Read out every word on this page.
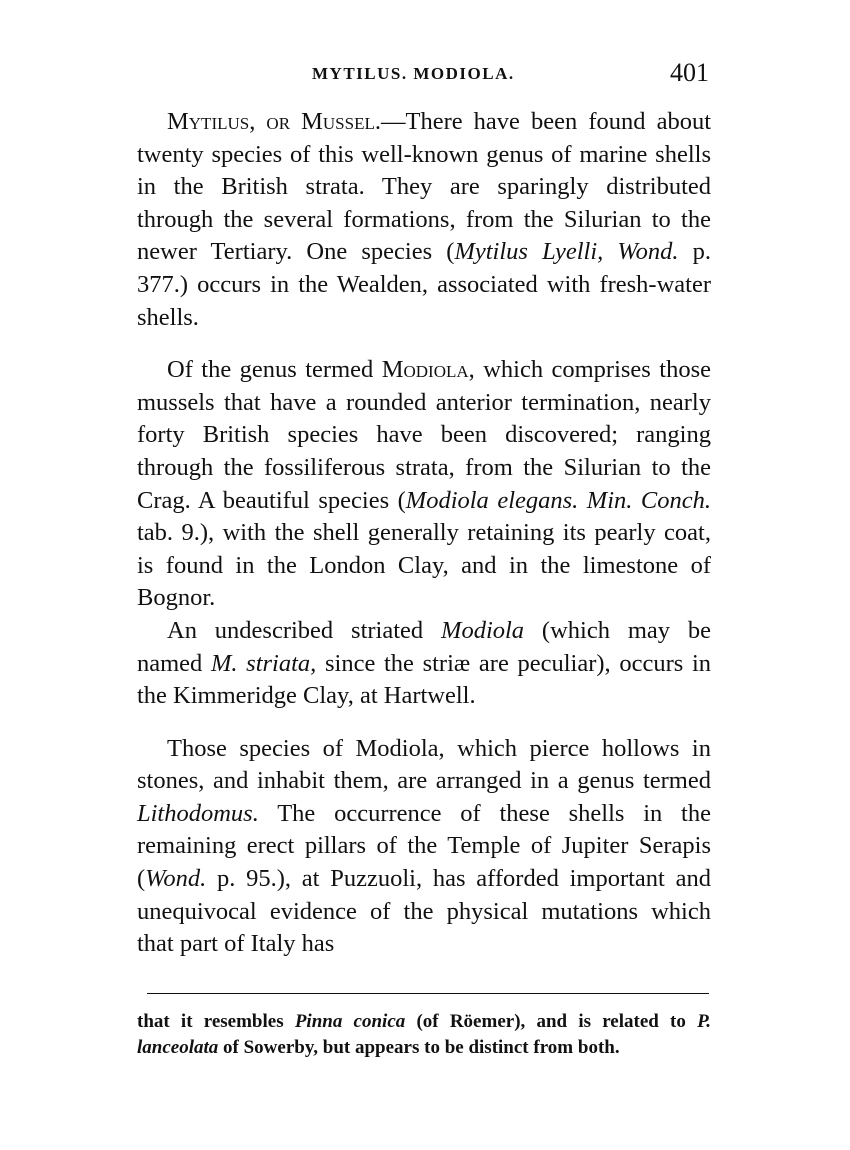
MYTILUS. MODIOLA.	401

Mytilus, or Mussel.—There have been found about twenty species of this well-known genus of marine shells in the British strata. They are sparingly distributed through the several formations, from the Silurian to the newer Tertiary. One species (Mytilus Lyelli, Wond. p. 377.) occurs in the Wealden, associated with fresh-water shells.

Of the genus termed Modiola, which comprises those mussels that have a rounded anterior termination, nearly forty British species have been discovered; ranging through the fossiliferous strata, from the Silurian to the Crag. A beautiful species (Modiola elegans. Min. Conch. tab. 9.), with the shell generally retaining its pearly coat, is found in the London Clay, and in the limestone of Bognor.

An undescribed striated Modiola (which may be named M. striata, since the striæ are peculiar), occurs in the Kimmeridge Clay, at Hartwell.

Those species of Modiola, which pierce hollows in stones, and inhabit them, are arranged in a genus termed Lithodomus. The occurrence of these shells in the remaining erect pillars of the Temple of Jupiter Serapis (Wond. p. 95.), at Puzzuoli, has afforded important and unequivocal evidence of the physical mutations which that part of Italy has

that it resembles Pinna conica (of Röemer), and is related to P. lanceolata of Sowerby, but appears to be distinct from both.
